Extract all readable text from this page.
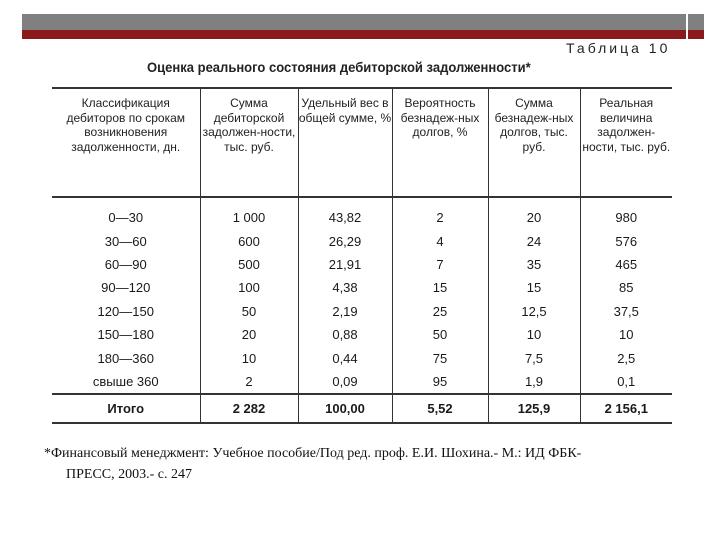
Таблица 10
Оценка реального состояния дебиторской задолженности*
Классификация дебиторов по срокам возникновения задолженности, дн.	Сумма дебиторской задолжен-ности, тыс. руб.	Удельный вес в общей сумме, %	Вероятность безнадеж-ных долгов, %	Сумма безнадеж-ных долгов, тыс. руб.	Реальная величина задолжен-ности, тыс. руб.
0—30	1 000	43,82	2	20	980
30—60	600	26,29	4	24	576
60—90	500	21,91	7	35	465
90—120	100	4,38	15	15	85
120—150	50	2,19	25	12,5	37,5
150—180	20	0,88	50	10	10
180—360	10	0,44	75	7,5	2,5
свыше 360	2	0,09	95	1,9	0,1
Итого	2 282	100,00	5,52	125,9	2 156,1
*Финансовый менеджмент: Учебное пособие/Под ред. проф. Е.И. Шохина.- М.: ИД ФБК-
ПРЕСС, 2003.- с. 247
